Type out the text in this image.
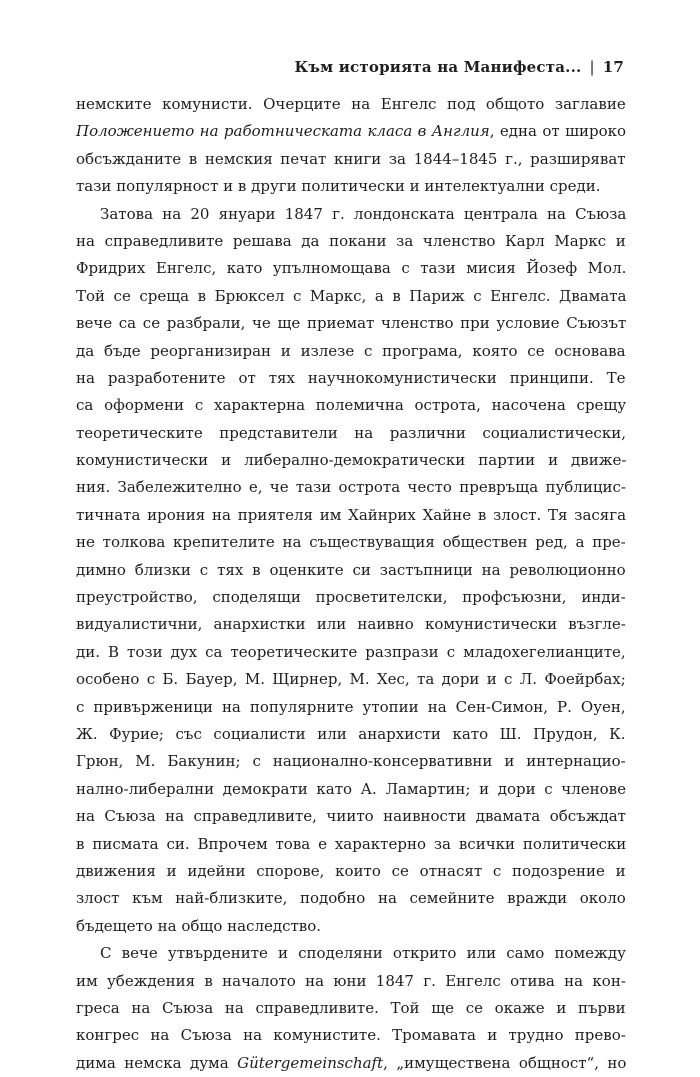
Към историята на Манифеста... | 17
немските комунисти. Очерците на Енгелс под общото заглавие
Положението на работническата класа в Англия, една от широко
обсъжданите в немския печат книги за 1844–1845 г., разширяват
тази популярност и в други политически и интелектуални среди.
Затова на 20 януари 1847 г. лондонската централа на Съюза
на справедливите решава да покани за членство Карл Маркс и
Фридрих Енгелс, като упълномощава с тази мисия Йозеф Мол.
Той се среща в Брюксел с Маркс, а в Париж с Енгелс. Двамата
вече са се разбрали, че ще приемат членство при условие Съюзът
да бъде реорганизиран и излезе с програма, която се основава
на разработените от тях научнокомунистически принципи. Те
са оформени с характерна полемична острота, насочена срещу
теоретическите представители на различни социалистически,
комунистически и либерално-демократически партии и движе-
ния. Забележително е, че тази острота често превръща публицис-
тичната ирония на приятеля им Хайнрих Хайне в злост. Тя засяга
не толкова крепителите на съществуващия обществен ред, а пре-
димно близки с тях в оценките си застъпници на революционно
преустройство, споделящи просветителски, профсъюзни, инди-
видуалистични, анархистки или наивно комунистически възгле-
ди. В този дух са теоретическите разпрази с младохегелианците,
особено с Б. Бауер, М. Щирнер, М. Хес, та дори и с Л. Фоейрбах;
с привърженици на популярните утопии на Сен-Симон, Р. Оуен,
Ж. Фурие; със социалисти или анархисти като Ш. Прудон, К.
Грюн, М. Бакунин; с национално-консервативни и интернацио-
нално-либерални демократи като А. Ламартин; и дори с членове
на Съюза на справедливите, чиито наивности двамата обсъждат
в писмата си. Впрочем това е характерно за всички политически
движения и идейни спорове, които се отнасят с подозрение и
злост към най-близките, подобно на семейните вражди около
бъдещето на общо наследство.
С вече утвърдените и споделяни открито или само помежду
им убеждения в началото на юни 1847 г. Енгелс отива на кон-
греса на Съюза на справедливите. Той ще се окаже и първи
конгрес на Съюза на комунистите. Тромавата и трудно прево-
дима немска дума Gütergemeinschaft, „имуществена общност“, но
